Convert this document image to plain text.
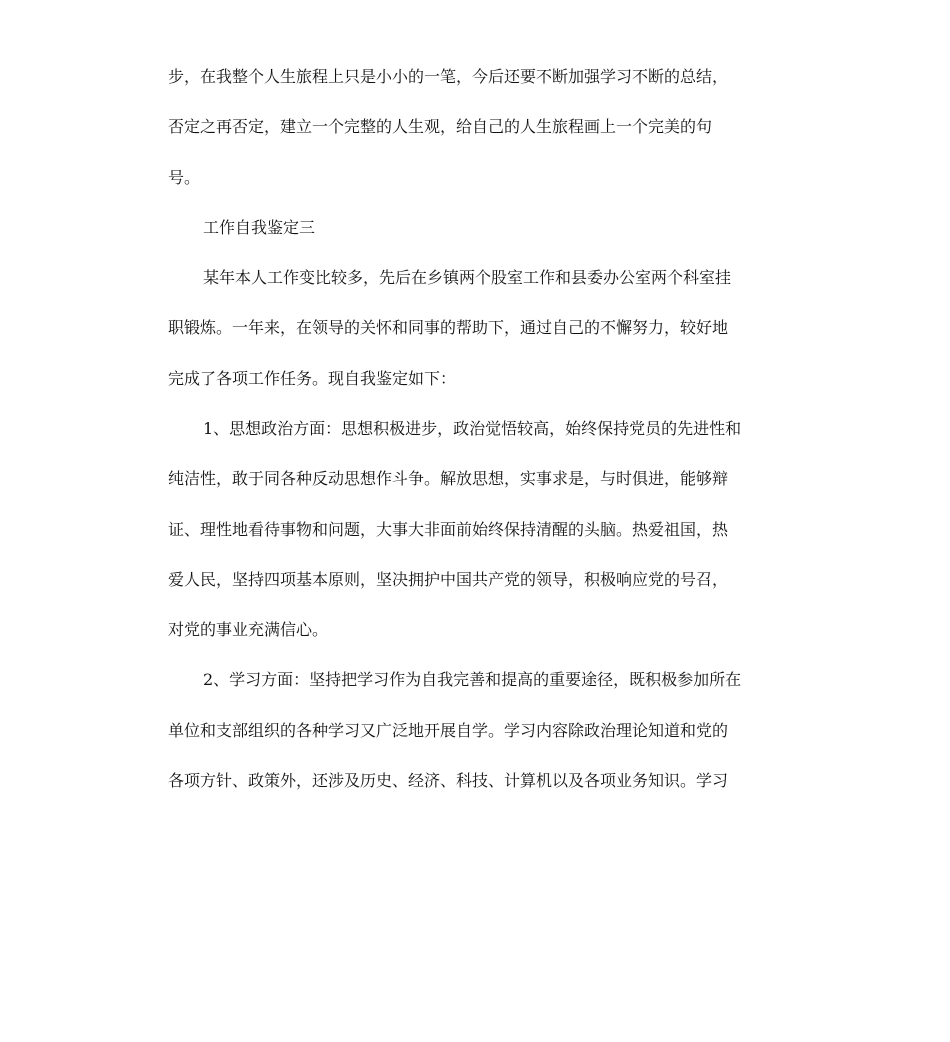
步，在我整个人生旅程上只是小小的一笔，今后还要不断加强学习不断的总结，
否定之再否定，建立一个完整的人生观，给自己的人生旅程画上一个完美的句
号。
工作自我鉴定三
某年本人工作变比较多，先后在乡镇两个股室工作和县委办公室两个科室挂
职锻炼。一年来，在领导的关怀和同事的帮助下，通过自己的不懈努力，较好地
完成了各项工作任务。现自我鉴定如下：
1、思想政治方面：思想积极进步，政治觉悟较高，始终保持党员的先进性和
纯洁性，敢于同各种反动思想作斗争。解放思想，实事求是，与时俱进，能够辩
证、理性地看待事物和问题，大事大非面前始终保持清醒的头脑。热爱祖国，热
爱人民，坚持四项基本原则，坚决拥护中国共产党的领导，积极响应党的号召，
对党的事业充满信心。
2、学习方面：坚持把学习作为自我完善和提高的重要途径，既积极参加所在
单位和支部组织的各种学习又广泛地开展自学。学习内容除政治理论知道和党的
各项方针、政策外，还涉及历史、经济、科技、计算机以及各项业务知识。学习
